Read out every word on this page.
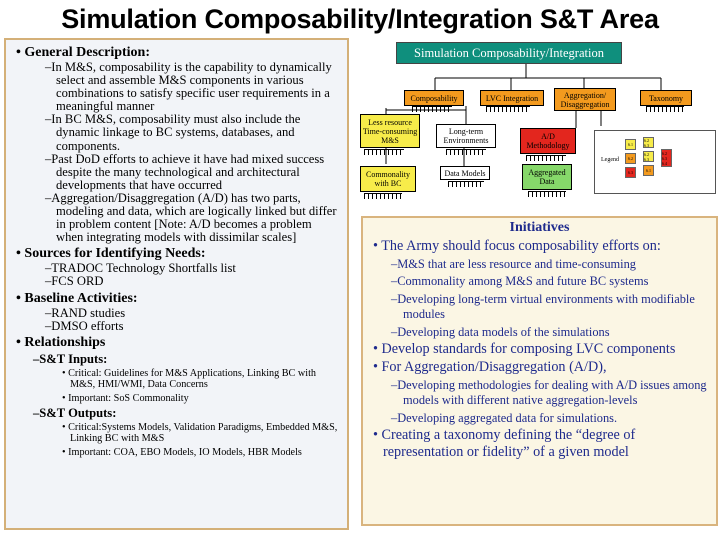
Simulation Composability/Integration S&T Area
• General Description:
–In M&S, composability is the capability to dynamically select and assemble M&S components in various combinations to satisfy specific user requirements in a meaningful manner
–In BC M&S, composability must also include the dynamic linkage to BC systems, databases, and components.
–Past DoD efforts to achieve it have had mixed success despite the many technological and architectural developments that have occurred
–Aggregation/Disaggregation (A/D) has two parts, modeling and data, which are logically linked but differ in problem content [Note: A/D becomes a problem when integrating models with dissimilar scales]
• Sources for Identifying Needs:
–TRADOC Technology Shortfalls list
–FCS ORD
• Baseline Activities:
–RAND studies
–DMSO efforts
• Relationships
–S&T Inputs:
• Critical: Guidelines for M&S Applications, Linking BC with M&S, HMI/WMI, Data Concerns
• Important: SoS Commonality
–S&T Outputs:
• Critical:Systems Models, Validation Paradigms, Embedded M&S, Linking BC with M&S
• Important: COA, EBO Models, IO Models, HBR Models
Simulation Composability/Integration
Composability	LVC Integration	Aggregation/ Disaggregation
Taxonomy
Less resource Time-consuming M&S
Long-term Environments
Commonality with BC
Data Models
A/D Methodology
Aggregated Data
Legend
6.1
6.2
6.3
6.2 6.3
6.2 6.3
6.1
6.2 6.3 6.4
Initiatives
• The Army should focus composability efforts on:
–M&S that are less resource and time-consuming
–Commonality among M&S and future BC systems
–Developing long-term virtual environments with modifiable modules
–Developing data models of the simulations
• Develop standards for composing LVC components
• For Aggregation/Disaggregation (A/D),
–Developing methodologies for dealing with A/D issues among models with different native aggregation-levels
–Developing aggregated data for simulations.
• Creating a taxonomy defining the “degree of representation or fidelity” of a given model
